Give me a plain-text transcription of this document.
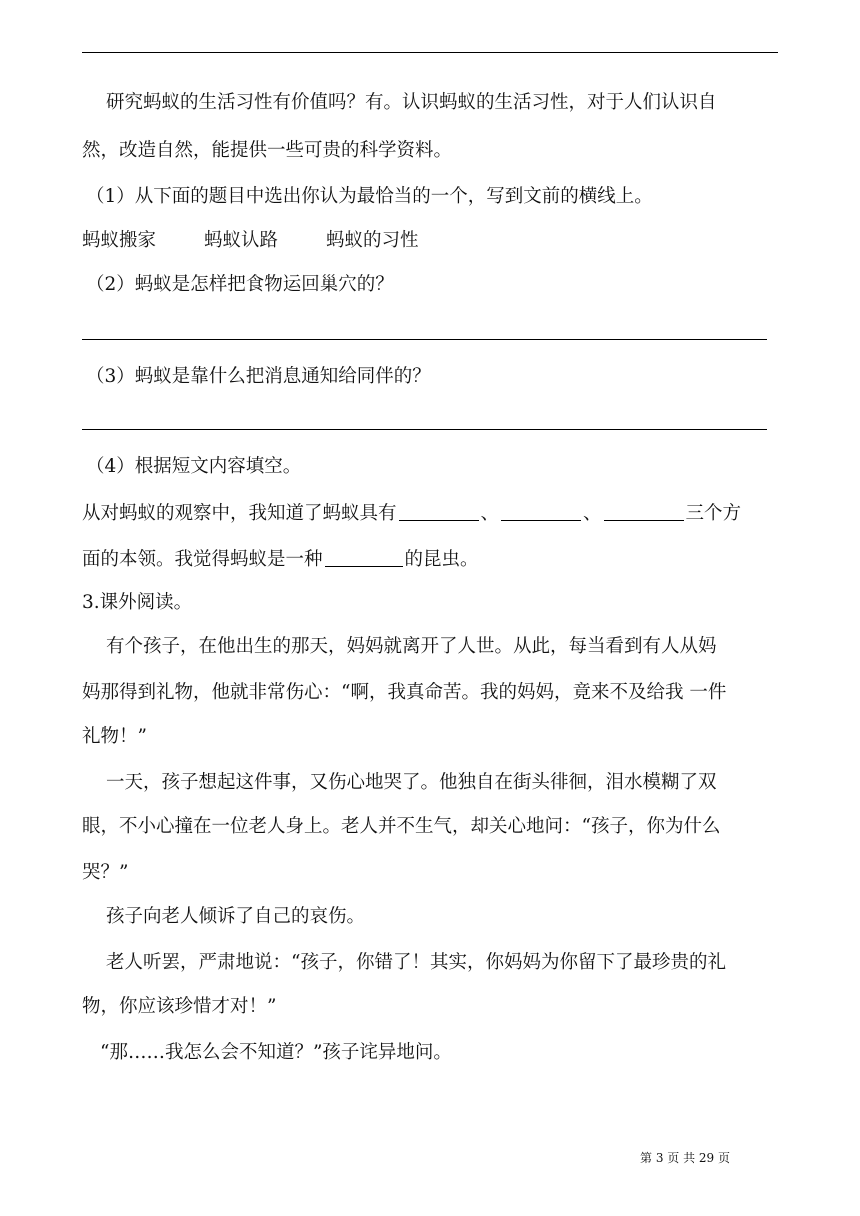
研究蚂蚁的生活习性有价值吗？有。认识蚂蚁的生活习性，对于人们认识自
然，改造自然，能提供一些可贵的科学资料。
（1）从下面的题目中选出你认为最恰当的一个，写到文前的横线上。
蚂蚁搬家	蚂蚁认路	蚂蚁的习性
（2）蚂蚁是怎样把食物运回巢穴的？
（3）蚂蚁是靠什么把消息通知给同伴的？
（4）根据短文内容填空。
从对蚂蚁的观察中，我知道了蚂蚁具有	、	、	三个方
面的本领。我觉得蚂蚁是一种	的昆虫。
3.课外阅读。
有个孩子，在他出生的那天，妈妈就离开了人世。从此，每当看到有人从妈
妈那得到礼物，他就非常伤心：“啊，我真命苦。我的妈妈，竟来不及给我 一件
礼物！”
一天，孩子想起这件事，又伤心地哭了。他独自在街头徘徊，泪水模糊了双
眼，不小心撞在一位老人身上。老人并不生气，却关心地问：“孩子，你为什么
哭？”
孩子向老人倾诉了自己的哀伤。
老人听罢，严肃地说：“孩子，你错了！其实，你妈妈为你留下了最珍贵的礼
物，你应该珍惜才对！”
“那……我怎么会不知道？”孩子诧异地问。
第 3 页 共 29 页
